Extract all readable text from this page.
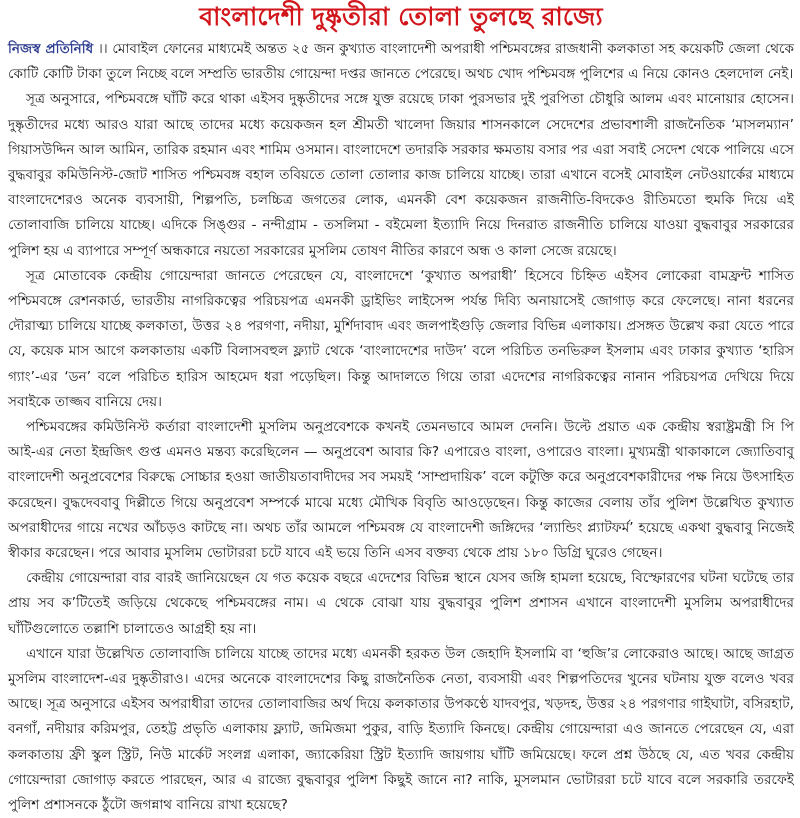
বাংলাদেশী দুষ্কৃতীরা তোলা তুলছে রাজ্যে

নিজস্ব প্রতিনিধি ।। মোবাইল ফোনের মাধ্যমেই অন্তত ২৫ জন কুখ্যাত বাংলাদেশী অপরাধী পশ্চিমবঙ্গের রাজধানী কলকাতা সহ কয়েকটি জেলা থেকে কোটি কোটি টাকা তুলে নিচ্ছে বলে সম্প্রতি ভারতীয় গোয়েন্দা দপ্তর জানতে পেরেছে। অথচ খোদ পশ্চিমবঙ্গ পুলিশের এ নিয়ে কোনও হেলদোল নেই।

সূত্র অনুসারে, পশ্চিমবঙ্গে ঘাঁটি করে থাকা এইসব দুষ্কৃতীদের সঙ্গে যুক্ত রয়েছে ঢাকা পুরসভার দুই পুরপিতা চৌধুরি আলম এবং মানোয়ার হোসেন। দুষ্কৃতীদের মধ্যে আরও যারা আছে তাদের মধ্যে কয়েকজন হল শ্রীমতী খালেদা জিয়ার শাসনকালে সেদেশের প্রভাবশালী রাজনৈতিক ‘মাসলম্যান’ গিয়াসউদ্দিন আল আমিন, তারিক রহমান এবং শামিম ওসমান। বাংলাদেশে তদারকি সরকার ক্ষমতায় বসার পর এরা সবাই সেদেশ থেকে পালিয়ে এসে বুদ্ধবাবুর কমিউনিস্ট-জোট শাসিত পশ্চিমবঙ্গ বহাল তবিয়তে তোলা তোলার কাজ চালিয়ে যাচ্ছে। তারা এখানে বসেই মোবাইল নেটওয়ার্কের মাধ্যমে বাংলাদেশেরও অনেক ব্যবসায়ী, শিল্পপতি, চলচ্চিত্র জগতের লোক, এমনকী বেশ কয়েকজন রাজনীতি-বিদকেও রীতিমতো হুমকি দিয়ে এই তোলাবাজি চালিয়ে যাচ্ছে। এদিকে সিঙ্গুর - নন্দীগ্রাম - তসলিমা - বইমেলা ইত্যাদি নিয়ে দিনরাত রাজনীতি চালিয়ে যাওয়া বুদ্ধবাবুর সরকারের পুলিশ হয় এ ব্যাপারে সম্পূর্ণ অন্ধকারে নয়তো সরকারের মুসলিম তোষণ নীতির কারণে অন্ধ ও কালা সেজে রয়েছে।

সূত্র মোতাবেক কেন্দ্রীয় গোয়েন্দারা জানতে পেরেছেন যে, বাংলাদেশে ‘কুখ্যাত অপরাধী’ হিসেবে চিহ্নিত এইসব লোকেরা বামফ্রন্ট শাসিত পশ্চিমবঙ্গে রেশনকার্ড, ভারতীয় নাগরিকত্বের পরিচয়পত্র এমনকী ড্রাইভিং লাইসেন্স পর্যন্ত দিব্যি অনায়াসেই জোগাড় করে ফেলেছে। নানা ধরনের দৌরাত্ম্য চালিয়ে যাচ্ছে কলকাতা, উত্তর ২৪ পরগণা, নদীয়া, মুর্শিদাবাদ এবং জলপাইগুড়ি জেলার বিভিন্ন এলাকায়। প্রসঙ্গত উল্লেখ করা যেতে পারে যে, কয়েক মাস আগে কলকাতায় একটি বিলাসবহুল ফ্ল্যাট থেকে ‘বাংলাদেশের দাউদ’ বলে পরিচিত তনভিরুল ইসলাম এবং ঢাকার কুখ্যাত ‘হারিস গ্যাং’-এর ‘ডন’ বলে পরিচিত হারিস আহমেদ ধরা পড়েছিল। কিন্তু আদালতে গিয়ে তারা এদেশের নাগরিকত্বের নানান পরিচয়পত্র দেখিয়ে দিয়ে সবাইকে তাজ্জব বানিয়ে দেয়।

পশ্চিমবঙ্গের কমিউনিস্ট কর্তারা বাংলাদেশী মুসলিম অনুপ্রবেশকে কখনই তেমনভাবে আমল দেননি। উল্টে প্রয়াত এক কেন্দ্রীয় স্বরাষ্ট্রমন্ত্রী সি পি আই-এর নেতা ইন্দ্রজিৎ গুপ্ত এমনও মন্তব্য করেছিলেন — অনুপ্রবেশ আবার কি? এপারেও বাংলা, ওপারেও বাংলা। মুখ্যমন্ত্রী থাকাকালে জ্যোতিবাবু বাংলাদেশী অনুপ্রবেশের বিরুদ্ধে সোচ্চার হওয়া জাতীয়তাবাদীদের সব সময়ই ‘সাম্প্রদায়িক’ বলে কটুক্তি করে অনুপ্রবেশকারীদের পক্ষ নিয়ে উৎসাহিত করেছেন। বুদ্ধদেববাবু দিল্লীতে গিয়ে অনুপ্রবেশ সম্পর্কে মাঝে মধ্যে মৌখিক বিবৃতি আওড়েছেন। কিন্তু কাজের বেলায় তাঁর পুলিশ উল্লেখিত কুখ্যাত অপরাধীদের গায়ে নখের আঁচড়ও কাটছে না। অথচ তাঁর আমলে পশ্চিমবঙ্গ যে বাংলাদেশী জঙ্গিদের ‘ল্যান্ডিং প্ল্যাটফর্ম’ হয়েছে একথা বুদ্ধবাবু নিজেই স্বীকার করেছেন। পরে আবার মুসলিম ভোটাররা চটে যাবে এই ভয়ে তিনি এসব বক্তব্য থেকে প্রায় ১৮০ ডিগ্রি ঘুরেও গেছেন।

কেন্দ্রীয় গোয়েন্দারা বার বারই জানিয়েছেন যে গত কয়েক বছরে এদেশের বিভিন্ন স্থানে যেসব জঙ্গি হামলা হয়েছে, বিস্ফোরণের ঘটনা ঘটেছে তার প্রায় সব ক’টিতেই জড়িয়ে থেকেছে পশ্চিমবঙ্গের নাম। এ থেকে বোঝা যায় বুদ্ধবাবুর পুলিশ প্রশাসন এখানে বাংলাদেশী মুসলিম অপরাধীদের ঘাঁটিগুলোতে তল্লাশি চালাতেও আগ্রহী হয় না।

এখানে যারা উল্লেখিত তোলাবাজি চালিয়ে যাচ্ছে তাদের মধ্যে এমনকী হরকত উল জেহাদি ইসলামি বা ‘হুজি’র লোকেরাও আছে। আছে জাগ্রত মুসলিম বাংলাদেশ-এর দুষ্কৃতীরাও। এদের অনেকে বাংলাদেশের কিছু রাজনৈতিক নেতা, ব্যবসায়ী এবং শিল্পপতিদের খুনের ঘটনায় যুক্ত বলেও খবর আছে। সূত্র অনুসারে এইসব অপরাধীরা তাদের তোলাবাজির অর্থ দিয়ে কলকাতার উপকণ্ঠে যাদবপুর, খড়দহ, উত্তর ২৪ পরগণার গাইঘাটা, বসিরহাট, বনগাঁ, নদীয়ার করিমপুর, তেহট্ট প্রভৃতি এলাকায় ফ্ল্যাট, জমিজমা পুকুর, বাড়ি ইত্যাদি কিনছে। কেন্দ্রীয় গোয়েন্দারা এও জানতে পেরেছেন যে, এরা কলকাতায় ফ্রী স্কুল স্ট্রিট, নিউ মার্কেট সংলগ্ন এলাকা, জ্যাকেরিয়া স্ট্রিট ইত্যাদি জায়গায় ঘাঁটি জমিয়েছে। ফলে প্রশ্ন উঠছে যে, এত খবর কেন্দ্রীয় গোয়েন্দারা জোগাড় করতে পারছেন, আর এ রাজ্যে বুদ্ধবাবুর পুলিশ কিছুই জানে না? নাকি, মুসলমান ভোটাররা চটে যাবে বলে সরকারি তরফেই পুলিশ প্রশাসনকে ঠুঁটো জগন্নাথ বানিয়ে রাখা হয়েছে?
